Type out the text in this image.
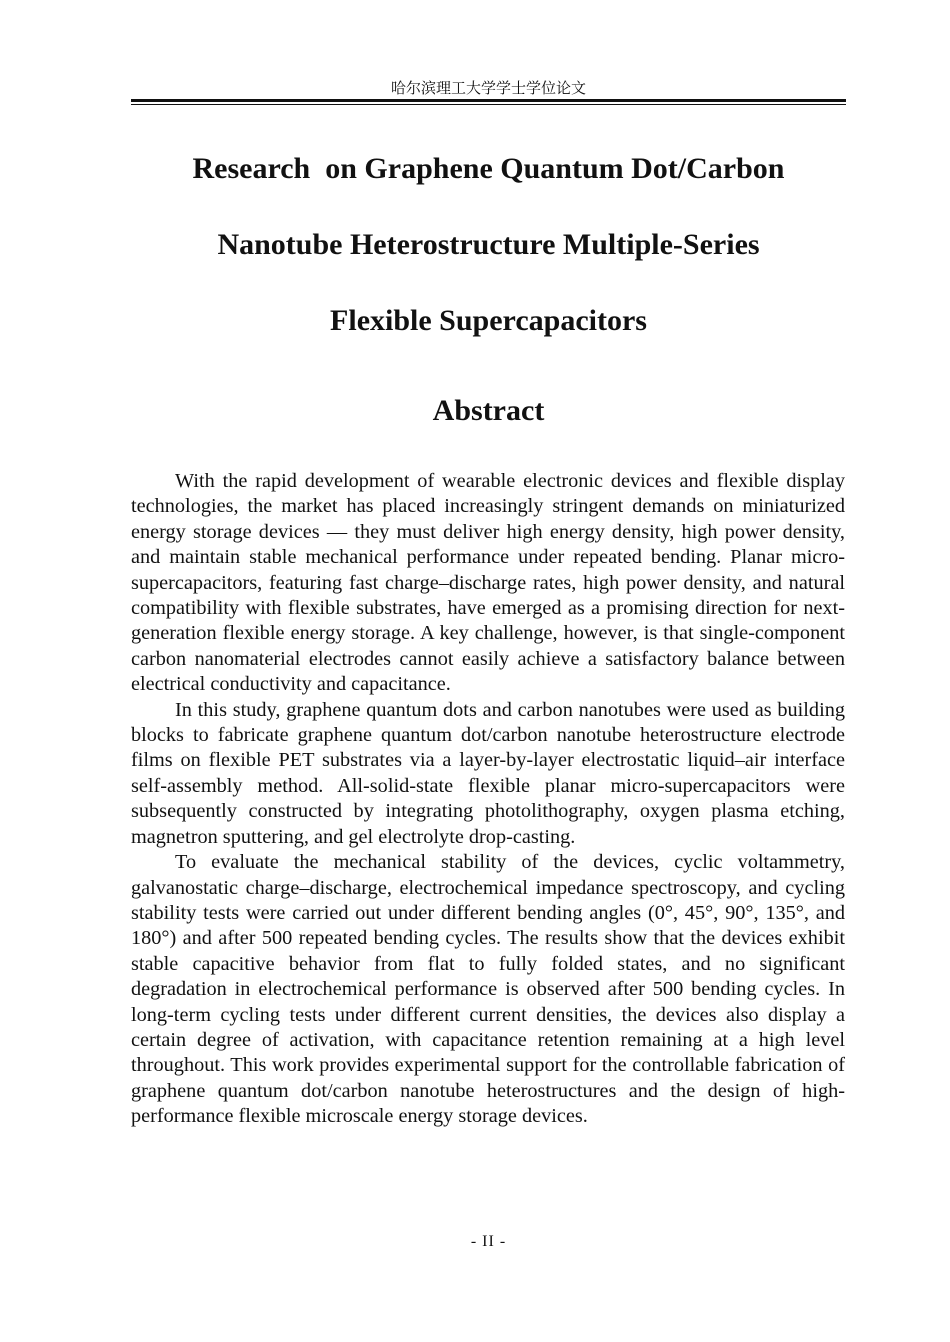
哈尔滨理工大学学士学位论文
Research  on Graphene Quantum Dot/Carbon
Nanotube Heterostructure Multiple-Series
Flexible Supercapacitors
Abstract

With the rapid development of wearable electronic devices and flexible display technologies, the market has placed increasingly stringent demands on miniaturized energy storage devices — they must deliver high energy density, high power density, and maintain stable mechanical performance under repeated bending. Planar micro-supercapacitors, featuring fast charge–discharge rates, high power density, and natural compatibility with flexible substrates, have emerged as a promising direction for next-generation flexible energy storage. A key challenge, however, is that single-component carbon nanomaterial electrodes cannot easily achieve a satisfactory balance between electrical conductivity and capacitance.

In this study, graphene quantum dots and carbon nanotubes were used as building blocks to fabricate graphene quantum dot/carbon nanotube heterostructure electrode films on flexible PET substrates via a layer-by-layer electrostatic liquid–air interface self-assembly method. All-solid-state flexible planar micro-supercapacitors were subsequently constructed by integrating photolithography, oxygen plasma etching, magnetron sputtering, and gel electrolyte drop-casting.

To evaluate the mechanical stability of the devices, cyclic voltammetry, galvanostatic charge–discharge, electrochemical impedance spectroscopy, and cycling stability tests were carried out under different bending angles (0°, 45°, 90°, 135°, and 180°) and after 500 repeated bending cycles. The results show that the devices exhibit stable capacitive behavior from flat to fully folded states, and no significant degradation in electrochemical performance is observed after 500 bending cycles. In long-term cycling tests under different current densities, the devices also display a certain degree of activation, with capacitance retention remaining at a high level throughout. This work provides experimental support for the controllable fabrication of graphene quantum dot/carbon nanotube heterostructures and the design of high-performance flexible microscale energy storage devices.

- II -
